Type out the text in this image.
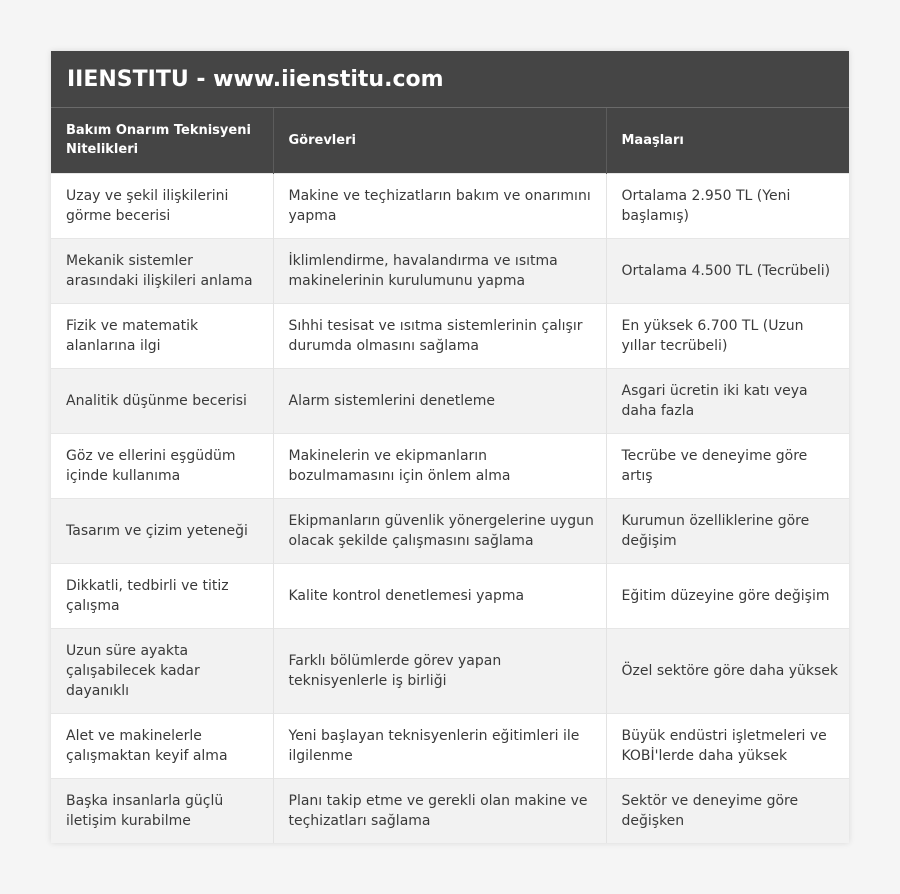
IIENSTITU - www.iienstitu.com
Bakım Onarım Teknisyeni Nitelikleri	Görevleri	Maaşları
Uzay ve şekil ilişkilerini görme becerisi	Makine ve teçhizatların bakım ve onarımını yapma	Ortalama 2.950 TL (Yeni başlamış)
Mekanik sistemler arasındaki ilişkileri anlama	İklimlendirme, havalandırma ve ısıtma makinelerinin kurulumunu yapma	Ortalama 4.500 TL (Tecrübeli)
Fizik ve matematik alanlarına ilgi	Sıhhi tesisat ve ısıtma sistemlerinin çalışır durumda olmasını sağlama	En yüksek 6.700 TL (Uzun yıllar tecrübeli)
Analitik düşünme becerisi	Alarm sistemlerini denetleme	Asgari ücretin iki katı veya daha fazla
Göz ve ellerini eşgüdüm içinde kullanıma	Makinelerin ve ekipmanların bozulmamasını için önlem alma	Tecrübe ve deneyime göre artış
Tasarım ve çizim yeteneği	Ekipmanların güvenlik yönergelerine uygun olacak şekilde çalışmasını sağlama	Kurumun özelliklerine göre değişim
Dikkatli, tedbirli ve titiz çalışma	Kalite kontrol denetlemesi yapma	Eğitim düzeyine göre değişim
Uzun süre ayakta çalışabilecek kadar dayanıklı	Farklı bölümlerde görev yapan teknisyenlerle iş birliği	Özel sektöre göre daha yüksek
Alet ve makinelerle çalışmaktan keyif alma	Yeni başlayan teknisyenlerin eğitimleri ile ilgilenme	Büyük endüstri işletmeleri ve KOBİ'lerde daha yüksek
Başka insanlarla güçlü iletişim kurabilme	Planı takip etme ve gerekli olan makine ve teçhizatları sağlama	Sektör ve deneyime göre değişken
